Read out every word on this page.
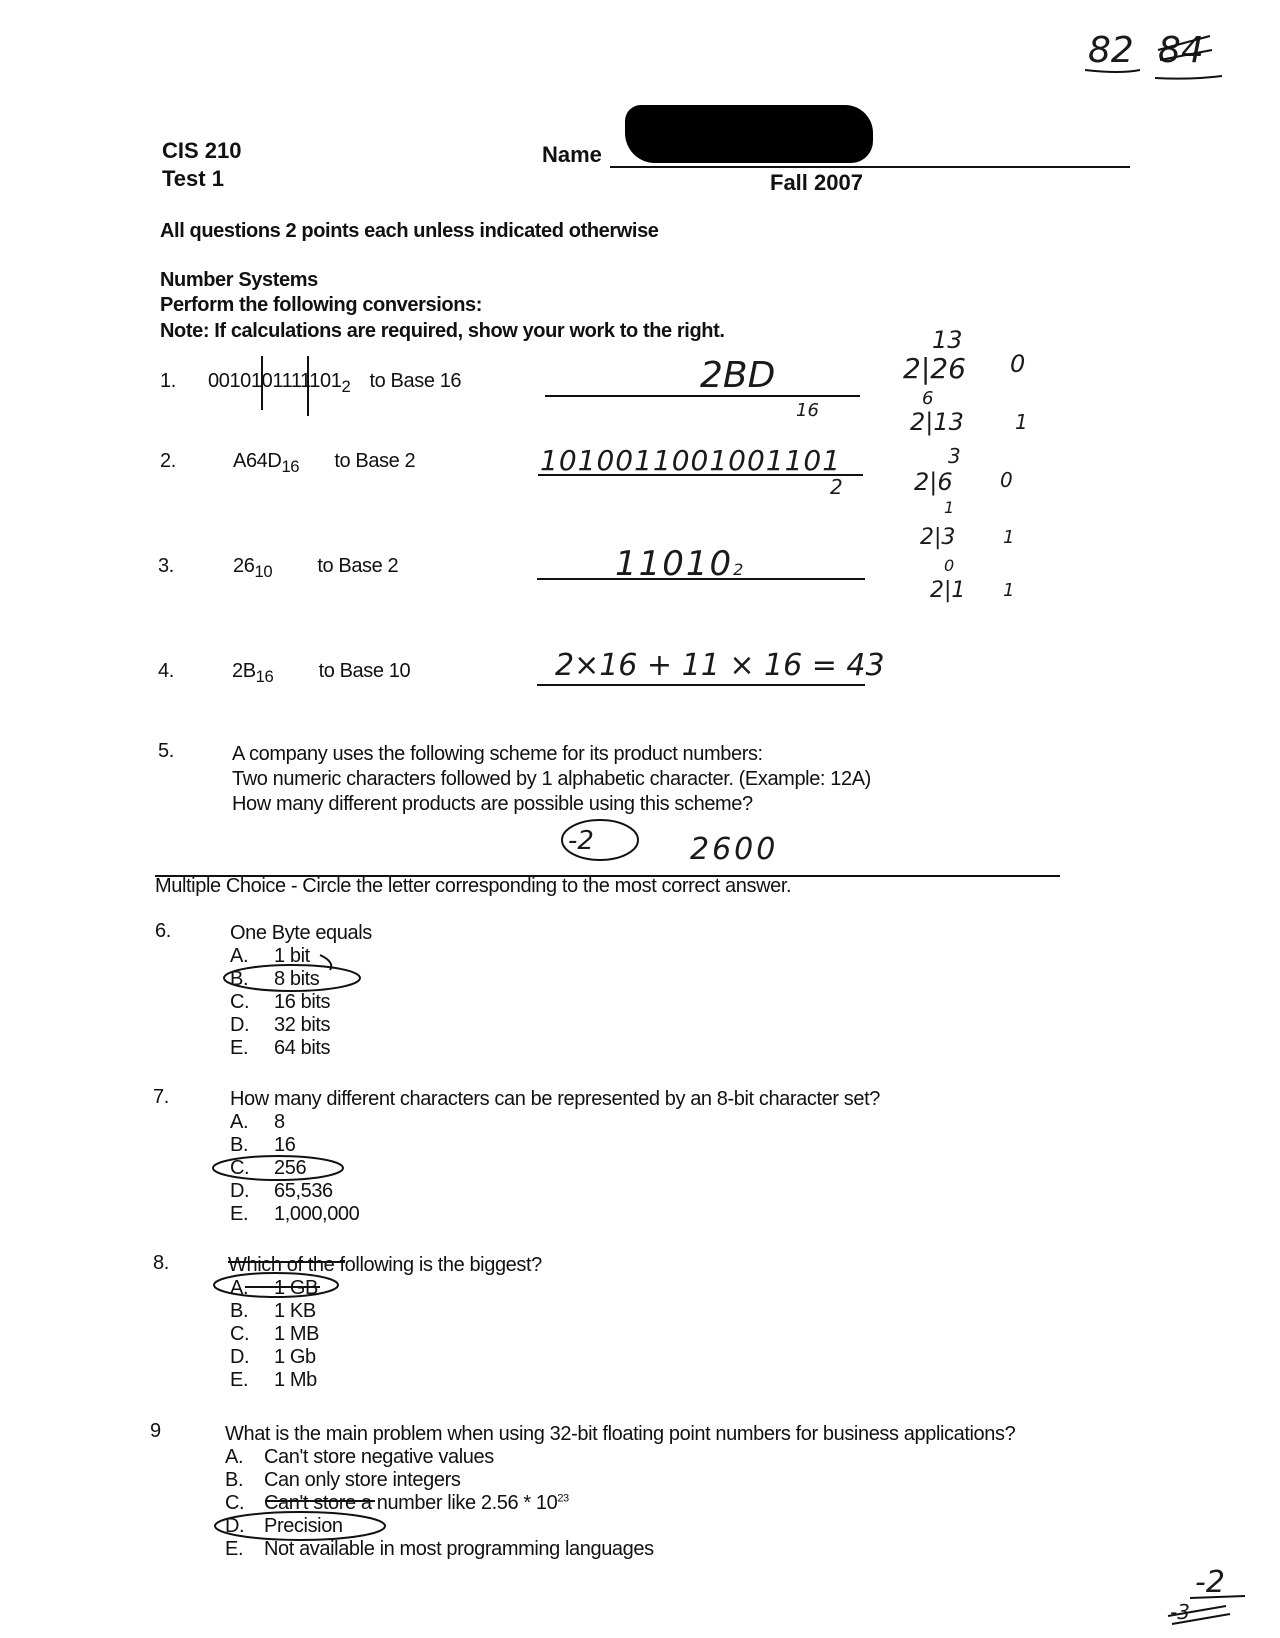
82 84
CIS 210
Test 1
Name
Fall 2007
All questions 2 points each unless indicated otherwise
Number Systems
Perform the following conversions:
Note: If calculations are required, show your work to the right.
1. $0010101111101_2$ to Base 16	2BD
16
2.	$A64D_{16}$ to Base 2	1010011001001101
2
3.	$26_{10}$ to Base 2	110102
13
2|26 0
6
2|13	1
3
2|6 0
1
2|3	1
0
2|1 1
4.	$2B_{16}$ to Base 10	2×16 + 11 × 16 = 43
5.	A company uses the following scheme for its product numbers:
Two numeric characters followed by 1 alphabetic character. (Example: 12A)
How many different products are possible using this scheme?
-2	2600
Multiple Choice - Circle the letter corresponding to the most correct answer.
6.	One Byte equals
A. 1 bit
B. 8 bits
C. 16 bits
D. 32 bits
E. 64 bits
7.	How many different characters can be represented by an 8-bit character set?
A. 8
B. 16
C. 256
D. 65,536
E. 1,000,000
8.	Which of the following is the biggest?
A. 1 GB
B. 1 KB
C. 1 MB
D. 1 Gb
E. 1 Mb
9	What is the main problem when using 32-bit floating point numbers for business applications?
A. Can't store negative values
B. Can only store integers
C. Can't store a number like $2.56 * 10^{23}$
D. Precision
E. Not available in most programming languages
-2
-3
